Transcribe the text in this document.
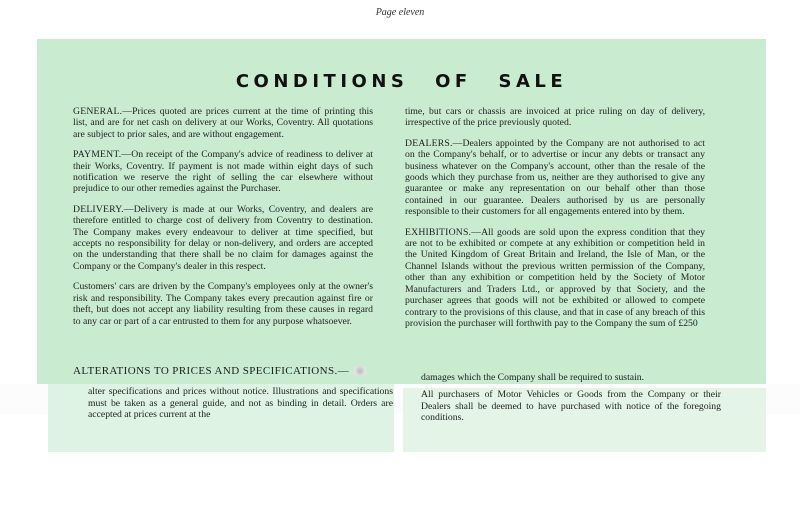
Page eleven
CONDITIONS OF SALE

GENERAL.—Prices quoted are prices current at the time of printing this list, and are for net cash on delivery at our Works, Coventry. All quotations are subject to prior sales, and are without engagement.

PAYMENT.—On receipt of the Company's advice of readiness to deliver at their Works, Coventry. If payment is not made within eight days of such notification we reserve the right of selling the car elsewhere without prejudice to our other remedies against the Purchaser.

DELIVERY.—Delivery is made at our Works, Coventry, and dealers are therefore entitled to charge cost of delivery from Coventry to destination. The Company makes every endeavour to deliver at time specified, but accepts no responsibility for delay or non-delivery, and orders are accepted on the understanding that there shall be no claim for damages against the Company or the Company's dealer in this respect.

Customers' cars are driven by the Company's employees only at the owner's risk and responsibility. The Company takes every precaution against fire or theft, but does not accept any liability resulting from these causes in regard to any car or part of a car entrusted to them for any purpose whatsoever.

ALTERATIONS TO PRICES AND SPECIFICATIONS.—
alter specifications and prices without notice. Illustrations and specifications must be taken as a general guide, and not as binding in detail. Orders are accepted at prices current at the

time, but cars or chassis are invoiced at price ruling on day of delivery, irrespective of the price previously quoted.

DEALERS.—Dealers appointed by the Company are not authorised to act on the Company's behalf, or to advertise or incur any debts or transact any business whatever on the Company's account, other than the resale of the goods which they purchase from us, neither are they authorised to give any guarantee or make any representation on our behalf other than those contained in our guarantee. Dealers authorised by us are personally responsible to their customers for all engagements entered into by them.

EXHIBITIONS.—All goods are sold upon the express condition that they are not to be exhibited or compete at any exhibition or competition held in the United Kingdom of Great Britain and Ireland, the Isle of Man, or the Channel Islands without the previous written permission of the Company, other than any exhibition or competition held by the Society of Motor Manufacturers and Traders Ltd., or approved by that Society, and the purchaser agrees that goods will not be exhibited or allowed to compete contrary to the provisions of this clause, and that in case of any breach of this provision the purchaser will forthwith pay to the Company the sum of £250

damages which the Company shall be required to sustain.

All purchasers of Motor Vehicles or Goods from the Company or their Dealers shall be deemed to have purchased with notice of the foregoing conditions.
